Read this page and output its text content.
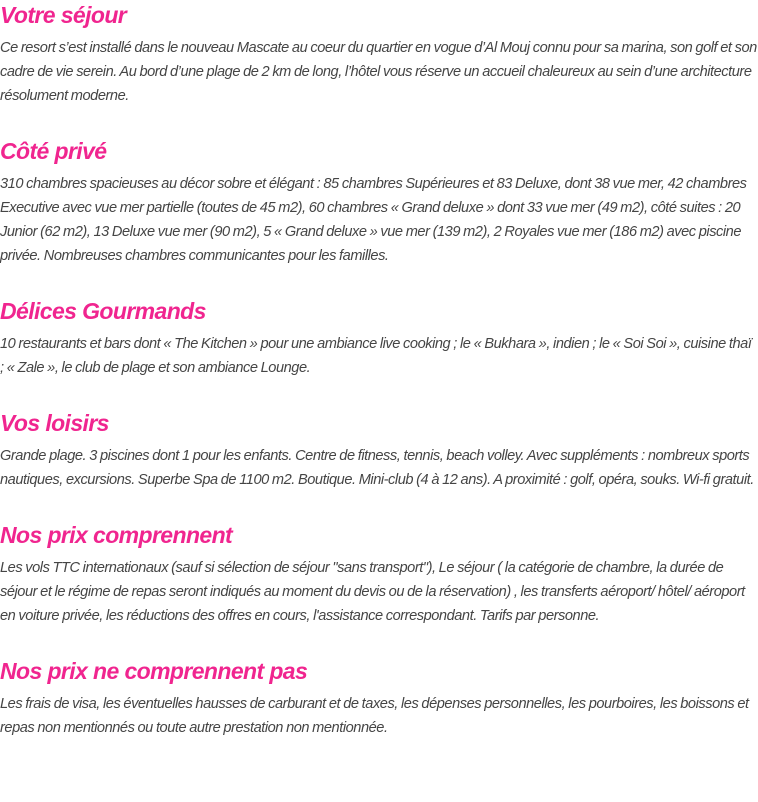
Votre séjour

Ce resort s’est installé dans le nouveau Mascate au coeur du quartier en vogue d’Al Mouj connu pour sa marina, son golf et son cadre de vie serein. Au bord d’une plage de 2 km de long, l’hôtel vous réserve un accueil chaleureux au sein d’une architecture résolument moderne.

Côté privé

310 chambres spacieuses au décor sobre et élégant : 85 chambres Supérieures et 83 Deluxe, dont 38 vue mer, 42 chambres Executive avec vue mer partielle (toutes de 45 m2), 60 chambres « Grand deluxe » dont 33 vue mer (49 m2), côté suites : 20 Junior (62 m2), 13 Deluxe vue mer (90 m2), 5 « Grand deluxe » vue mer (139 m2), 2 Royales vue mer (186 m2) avec piscine privée. Nombreuses chambres communicantes pour les familles.

Délices Gourmands

10 restaurants et bars dont « The Kitchen » pour une ambiance live cooking ; le « Bukhara », indien ; le « Soi Soi », cuisine thaï ; « Zale », le club de plage et son ambiance Lounge.

Vos loisirs

Grande plage. 3 piscines dont 1 pour les enfants. Centre de fitness, tennis, beach volley. Avec suppléments : nombreux sports nautiques, excursions. Superbe Spa de 1100 m2. Boutique. Mini-club (4 à 12 ans). A proximité : golf, opéra, souks. Wi-fi gratuit.

Nos prix comprennent

Les vols TTC internationaux (sauf si sélection de séjour "sans transport"), Le séjour ( la catégorie de chambre, la durée de séjour et le régime de repas seront indiqués au moment du devis ou de la réservation) , les transferts aéroport/ hôtel/ aéroport en voiture privée, les réductions des offres en cours, l'assistance correspondant. Tarifs par personne.

Nos prix ne comprennent pas

Les frais de visa, les éventuelles hausses de carburant et de taxes, les dépenses personnelles, les pourboires, les boissons et repas non mentionnés ou toute autre prestation non mentionnée.
